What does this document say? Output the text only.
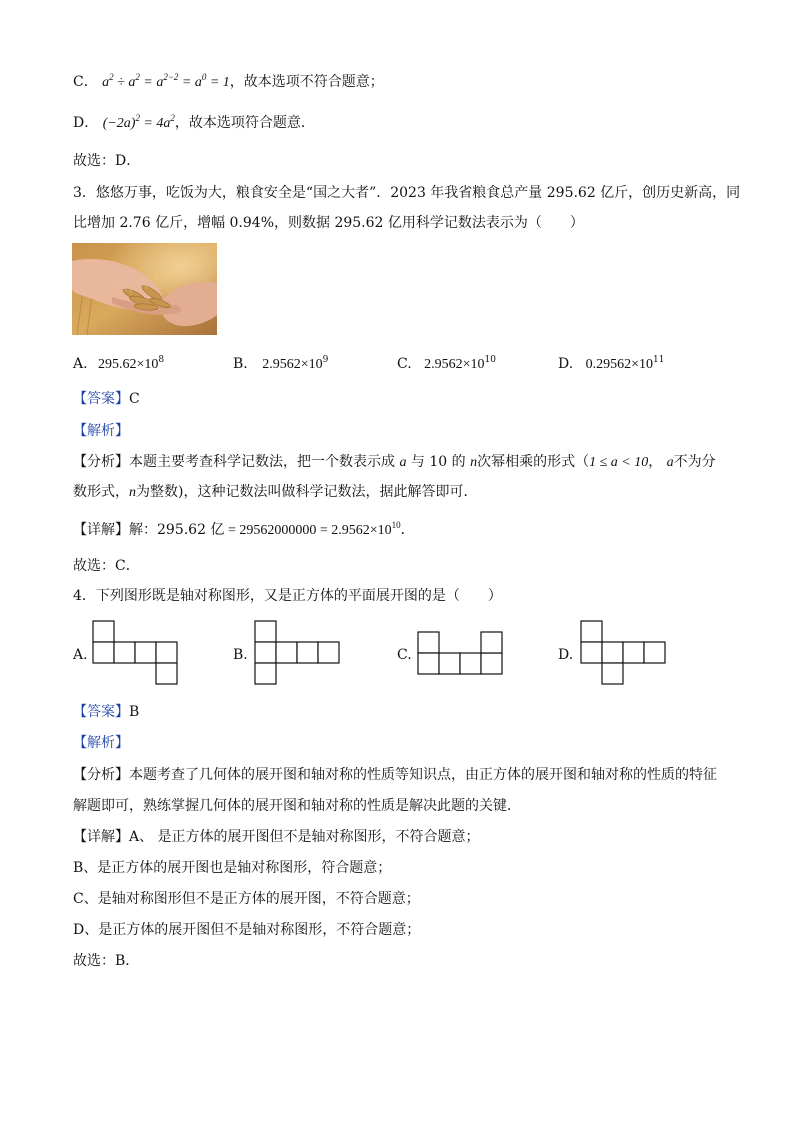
C． $a^2 \div a^2 = a^{2-2} = a^0 = 1$，故本选项不符合题意；
D． $(-2a)^2 = 4a^2$，故本选项符合题意．
故选：D．
3．悠悠万事，吃饭为大，粮食安全是“国之大者”．2023 年我省粮食总产量 295.62 亿斤，创历史新高，同
比增加 2.76 亿斤，增幅 0.94%，则数据 295.62 亿用科学记数法表示为（　　）
A. $295.62\times 10^8$	B. $2.9562\times 10^9$	C. $2.9562\times 10^{10}$	D. $0.29562\times 10^{11}$
【答案】C
【解析】
【分析】本题主要考查科学记数法，把一个数表示成 a 与 10 的 n次幂相乘的形式（1 ≤ a < 10， a不为分
数形式，n为整数)，这种记数法叫做科学记数法，据此解答即可．
【详解】解：295.62 亿 = $29562000000 = 2.9562\times 10^{10}$．
故选：C．
4．下列图形既是轴对称图形，又是正方体的平面展开图的是（　　）
A.	B.	C.	D.
【答案】B
【解析】
【分析】本题考查了几何体的展开图和轴对称的性质等知识点，由正方体的展开图和轴对称的性质的特征
解题即可，熟练掌握几何体的展开图和轴对称的性质是解决此题的关键．
【详解】A、 是正方体的展开图但不是轴对称图形，不符合题意；
B、是正方体的展开图也是轴对称图形，符合题意；
C、是轴对称图形但不是正方体的展开图，不符合题意；
D、是正方体的展开图但不是轴对称图形，不符合题意；
故选：B．
